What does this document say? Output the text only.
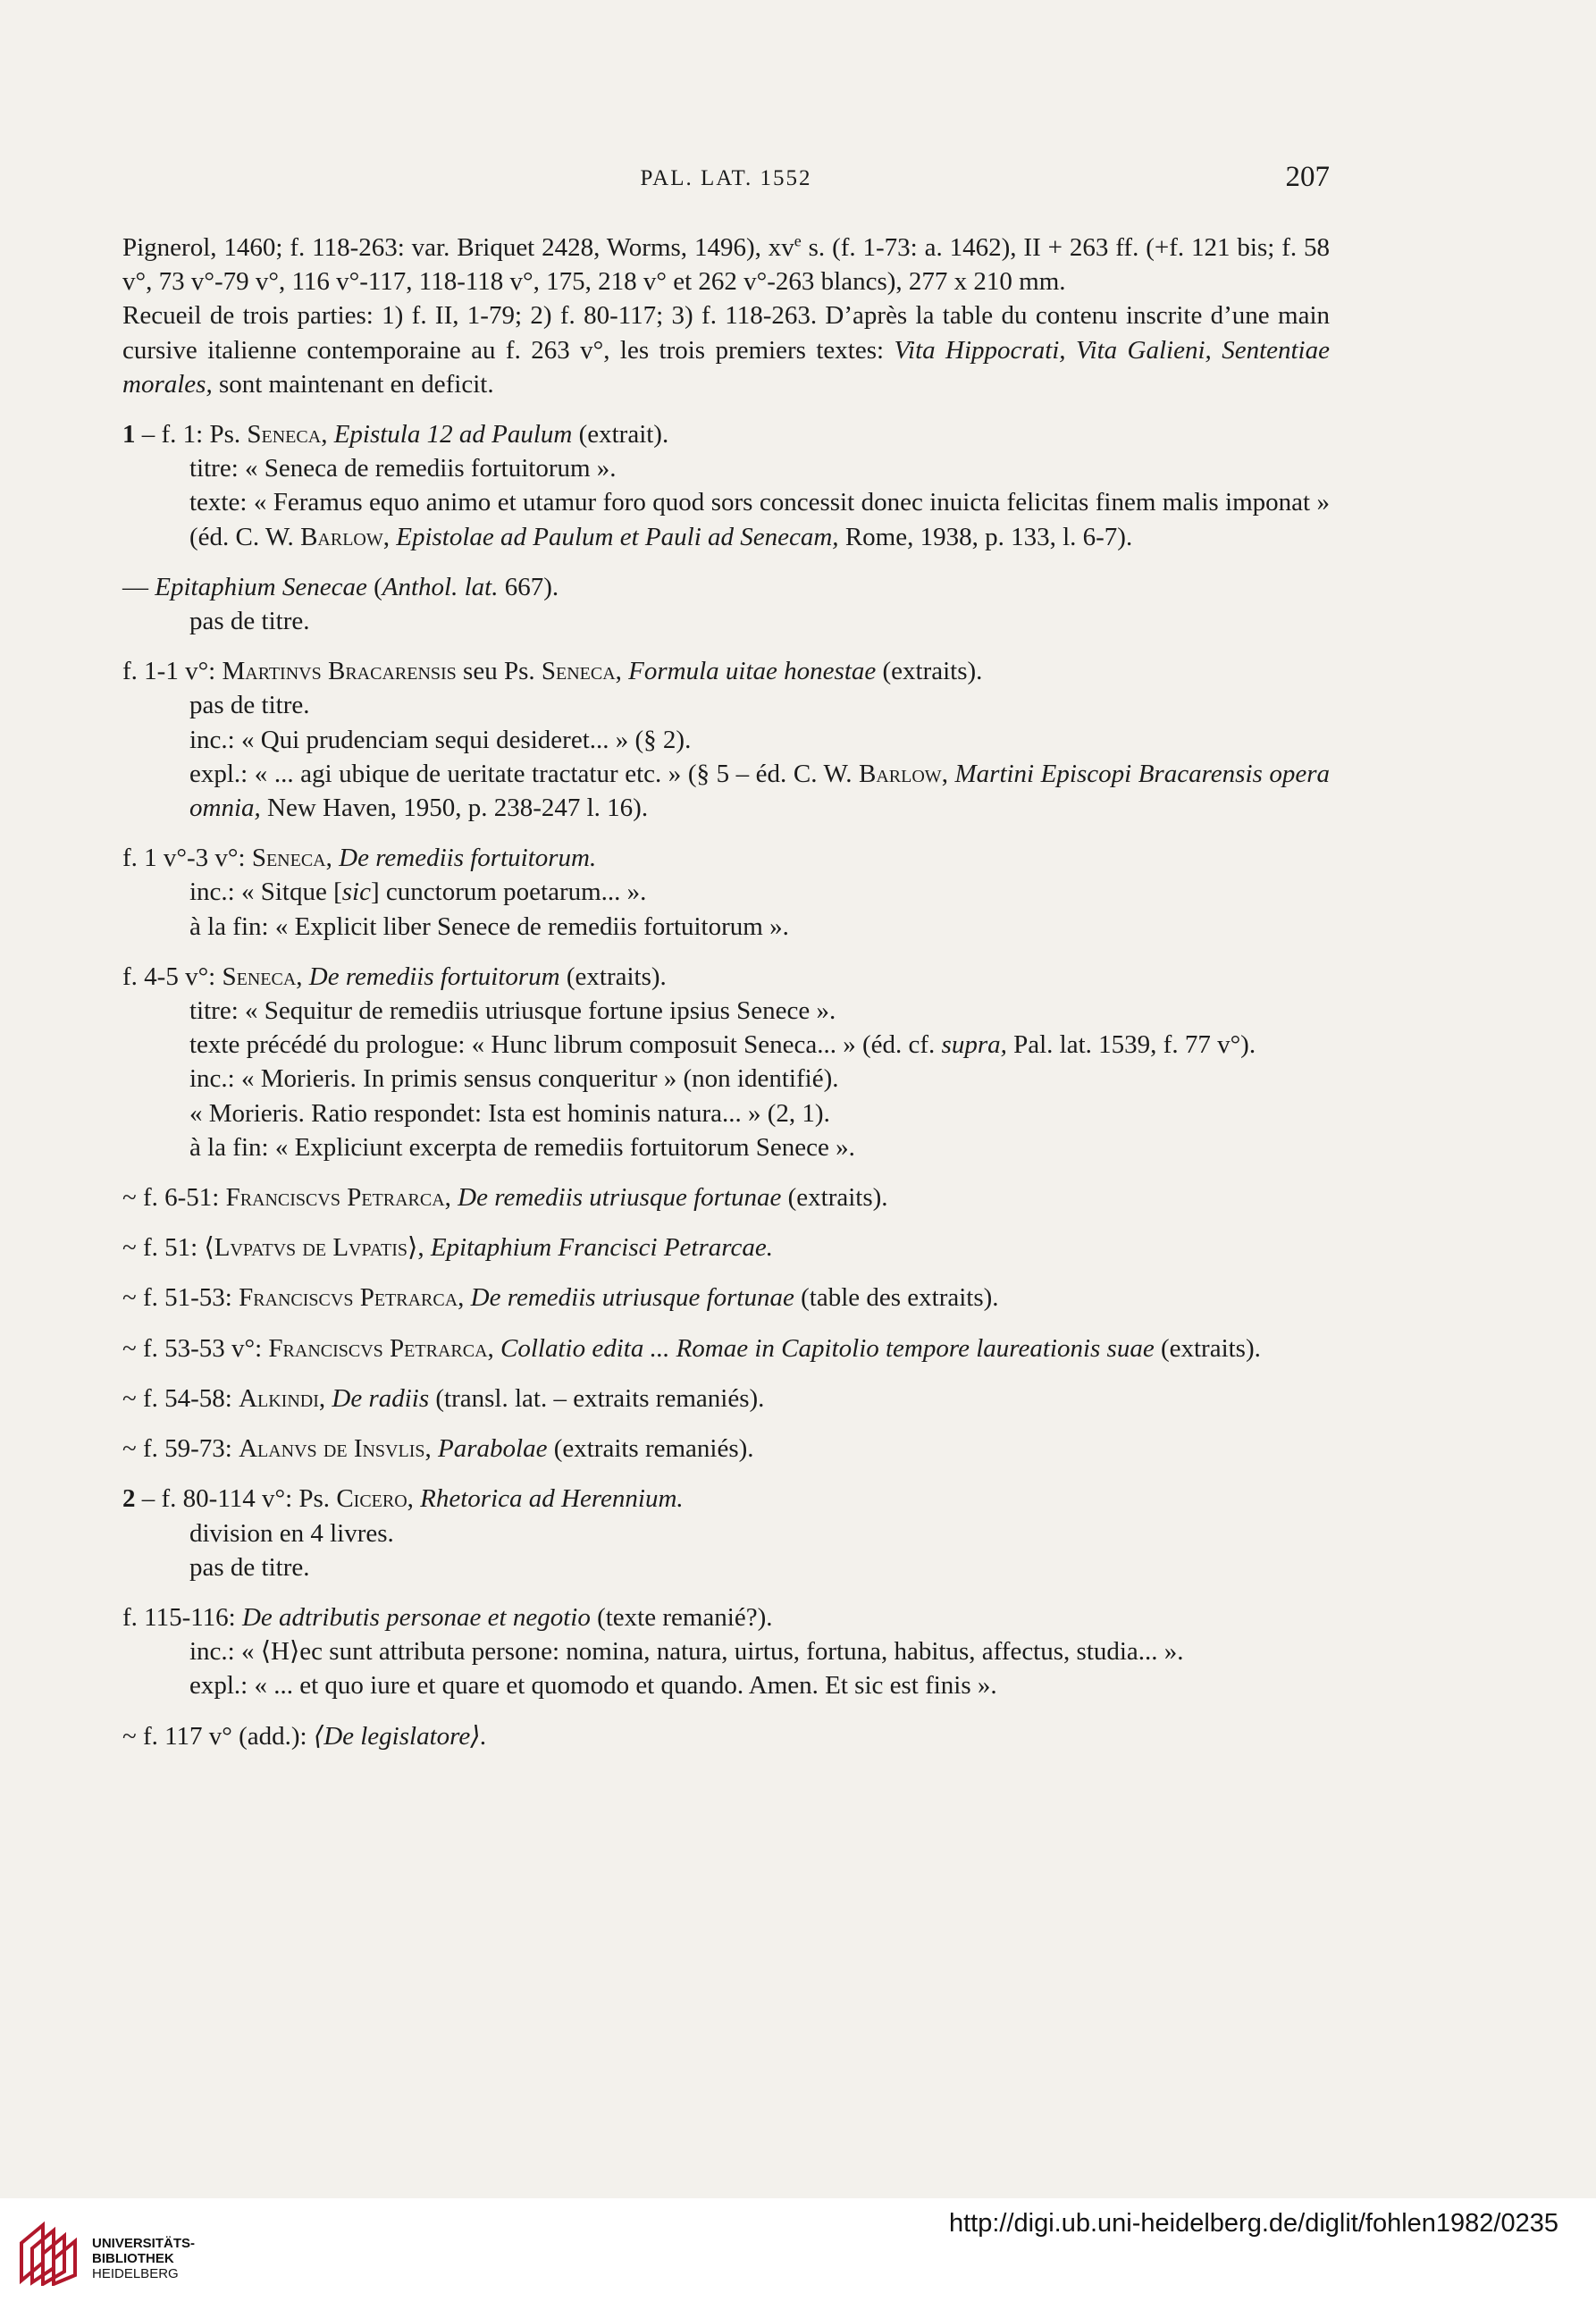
PAL. LAT. 1552	207

Pignerol, 1460; f. 118-263: var. Briquet 2428, Worms, 1496), $xv^e$ s. (f. 1-73: a. 1462), II + 263 ff. (+f. 121 bis; f. 58 v°, 73 v°-79 v°, 116 v°-117, 118-118 v°, 175, 218 v° et 262 v°-263 blancs), 277 x 210 mm.

Recueil de trois parties: 1) f. II, 1-79; 2) f. 80-117; 3) f. 118-263. D’après la table du contenu inscrite d’une main cursive italienne contemporaine au f. 263 v°, les trois premiers textes: Vita Hippocrati, Vita Galieni, Sententiae morales, sont maintenant en deficit.

1 – f. 1: Ps. Seneca, Epistula 12 ad Paulum (extrait).

titre: « Seneca de remediis fortuitorum ».

texte: « Feramus equo animo et utamur foro quod sors concessit donec inuicta felicitas finem malis imponat » (éd. C. W. Barlow, Epistolae ad Paulum et Pauli ad Senecam, Rome, 1938, p. 133, l. 6-7).

— Epitaphium Senecae (Anthol. lat. 667).

pas de titre.

f. 1-1 v°: Martinvs Bracarensis seu Ps. Seneca, Formula uitae honestae (extraits).

pas de titre.

inc.: « Qui prudenciam sequi desideret... » (§ 2).

expl.: « ... agi ubique de ueritate tractatur etc. » (§ 5 – éd. C. W. Barlow, Martini Episcopi Bracarensis opera omnia, New Haven, 1950, p. 238-247 l. 16).

f. 1 v°-3 v°: Seneca, De remediis fortuitorum.

inc.: « Sitque [sic] cunctorum poetarum... ».

à la fin: « Explicit liber Senece de remediis fortuitorum ».

f. 4-5 v°: Seneca, De remediis fortuitorum (extraits).

titre: « Sequitur de remediis utriusque fortune ipsius Senece ».

texte précédé du prologue: « Hunc librum composuit Seneca... » (éd. cf. supra, Pal. lat. 1539, f. 77 v°).

inc.: « Morieris. In primis sensus conqueritur » (non identifié).

« Morieris. Ratio respondet: Ista est hominis natura... » (2, 1).

à la fin: « Expliciunt excerpta de remediis fortuitorum Senece ».

~ f. 6-51: Franciscvs Petrarca, De remediis utriusque fortunae (extraits).

~ f. 51: ⟨Lvpatvs de Lvpatis⟩, Epitaphium Francisci Petrarcae.

~ f. 51-53: Franciscvs Petrarca, De remediis utriusque fortunae (table des extraits).

~ f. 53-53 v°: Franciscvs Petrarca, Collatio edita ... Romae in Capitolio tempore laureationis suae (extraits).

~ f. 54-58: Alkindi, De radiis (transl. lat. – extraits remaniés).

~ f. 59-73: Alanvs de Insvlis, Parabolae (extraits remaniés).

2 – f. 80-114 v°: Ps. Cicero, Rhetorica ad Herennium.

division en 4 livres.

pas de titre.

f. 115-116: De adtributis personae et negotio (texte remanié?).

inc.: « ⟨H⟩ec sunt attributa persone: nomina, natura, uirtus, fortuna, habitus, affectus, studia... ».

expl.: « ... et quo iure et quare et quomodo et quando. Amen. Et sic est finis ».

~ f. 117 v° (add.): ⟨De legislatore⟩.

UNIVERSITÄTS-
BIBLIOTHEK
HEIDELBERG
http://digi.ub.uni-heidelberg.de/diglit/fohlen1982/0235
